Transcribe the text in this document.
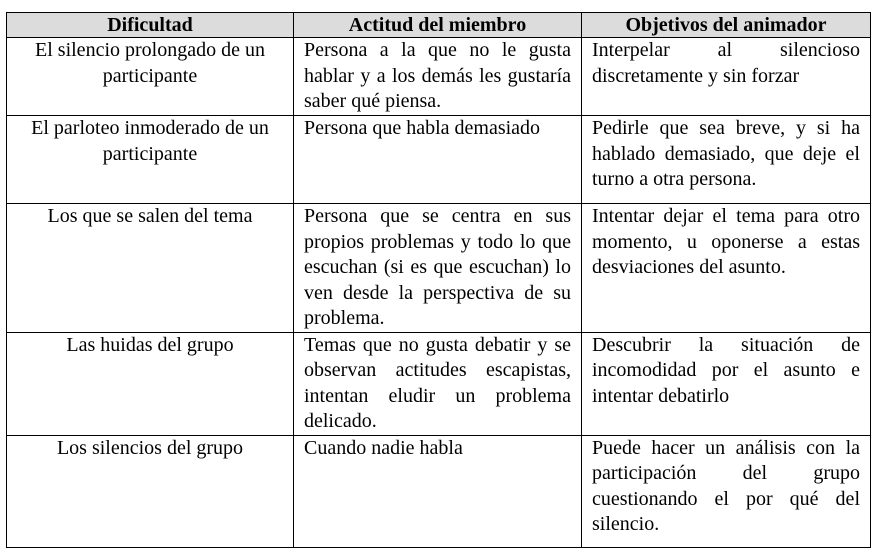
Dificultad	Actitud del miembro	Objetivos del animador
El silencio prolongado de un participante	Persona a la que no le gusta hablar y a los demás les gustaría saber qué piensa.	Interpelar al silencioso discretamente y sin forzar
El parloteo inmoderado de un participante	Persona que habla demasiado	Pedirle que sea breve, y si ha hablado demasiado, que deje el turno a otra persona.
Los que se salen del tema	Persona que se centra en sus propios problemas y todo lo que escuchan (si es que escuchan) lo ven desde la perspectiva de su problema.	Intentar dejar el tema para otro momento, u oponerse a estas desviaciones del asunto.
Las huidas del grupo	Temas que no gusta debatir y se observan actitudes escapistas, intentan eludir un problema delicado.	Descubrir la situación de incomodidad por el asunto e intentar debatirlo
Los silencios del grupo	Cuando nadie habla	Puede hacer un análisis con la participación del grupo cuestionando el por qué del silencio.
